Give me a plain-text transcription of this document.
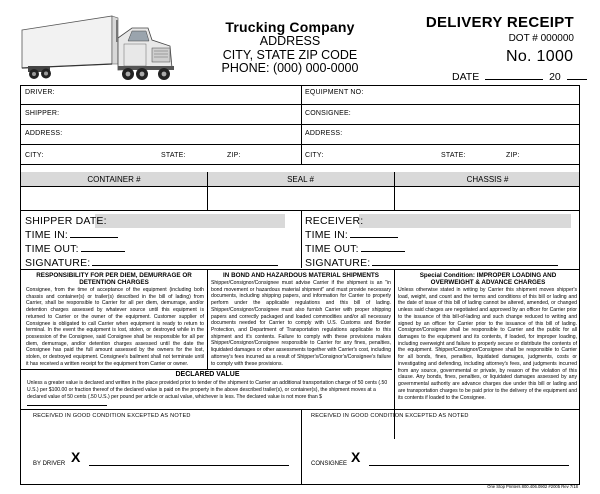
Trucking Company
ADDRESS
CITY, STATE ZIP CODE
PHONE: (000) 000-0000
DELIVERY RECEIPT
DOT # 000000
No. 1000
DATE	20
DRIVER:	EQUIPMENT NO:
SHIPPER:	CONSIGNEE:
ADDRESS:	ADDRESS:
CITY:	STATE:	ZIP:	CITY:	STATE:	ZIP:
CONTAINER #	SEAL #	CHASSIS #
SHIPPER DATE:
TIME IN:
TIME OUT:
SIGNATURE:
RECEIVER:
TIME IN:
TIME OUT:
SIGNATURE:
RESPONSIBILITY FOR PER DIEM, DEMURRAGE OR DETENTION CHARGES
Consignee, from the time of acceptance of the equipment (including both chassis and container(s) or trailer(s) described in the bill of lading) from Carrier, shall be responsible to Carrier for all per diem, demurrage, and/or detention charges assessed by whatever source until this equipment is returned to Carrier or the owner of the equipment. Customer supplier of Consignee is obligated to call Carrier when equipment is ready to return to terminal. In the event the equipment is lost, stolen, or destroyed while in the possession of the Consignee, said Consignee shall be responsible for all per diem, demurrage, and/or detention charges assessed until the date the Consignee has paid the full amount assessed by the owners for the lost, stolen, or destroyed equipment. Consignee's bailment shall not terminate until it has received a written receipt for the equipment from Carrier or owner.
IN BOND AND HAZARDOUS MATERIAL SHIPMENTS
Shipper/Consignor/Consignee must advise Carrier if the shipment is an "in bond movement or hazardous material shipment" and must provide necessary documents, including shipping papers, and information for Carrier to properly perform under the applicable regulations and this bill of lading. Shipper/Consignor/Consignee must also furnish Carrier with proper shipping papers and correctly packaged and loaded commodities and/or all necessary documents needed for Carrier to comply with U.S. Customs and Border Protection, and Department of Transportation regulations applicable to this shipment and it's contents. Failure to comply with these provisions makes Shipper/Consignor/Consignee responsible to Carrier for any fines, penalties, liquidated damages or other assessments together with Carrier's cost, including attorney's fees incurred as a result of Shipper's/Consignor's/Consignee's failure to comply with these provisions.
Special Condition: IMPROPER LOADING AND OVERWEIGHT & ADVANCE CHARGES
Unless otherwise stated in writing by Carrier this shipment moves shipper's load, weight, and count and the terms and conditions of this bill or lading and the date of issue of this bill of lading cannot be altered, amended, or changed unless said charges are negotiated and approved by an officer for Carrier prior to the issuance of this bill-of-lading and such change reduced to writing and signed by an officer for Carrier prior to the issuance of this bill of lading. Consignor/Consignee shall be responsible to Carrier and the public for all damages to the equipment and its contents, if loaded, for improper loading, including overweight and failure to properly secure or distribute the contents of the equipment. Shipper/Consignor/Consignee shall be responsible to Carrier for all bonds, fines, penalties, liquidated damages, judgments, costs or investigating and defending, including attorney's fees, and judgments incurred from any source, governmental or private, by reason of the violation of this clause. Any bonds, fines, penalties, or liquidated damages assessed by any governmental authority are advance charges due under this bill or lading and are transportation charges to be paid prior to the delivery of the equipment and its contents if loaded to the Consignee.
DECLARED VALUE
Unless a greater value is declared and written in the place provided prior to tender of the shipment to Carrier an additional transportation charge of 50 cents (.50 U.S.) per $100.00 or fraction thereof of the declared value is paid on the property in the above described trailer(s), or container(s), the shipment moves at a declared value of 50 cents (.50 U.S.) per pound per article or actual value, whichever is less. The declared value is not more than $
RECEIVED IN GOOD CONDITION EXCEPTED AS NOTED
BY DRIVER X
RECEIVED IN GOOD CONDITION EXCEPTED AS NOTED
CONSIGNEE X
One Stop Printers 800.406.0902 #2005 Rev 7/18
